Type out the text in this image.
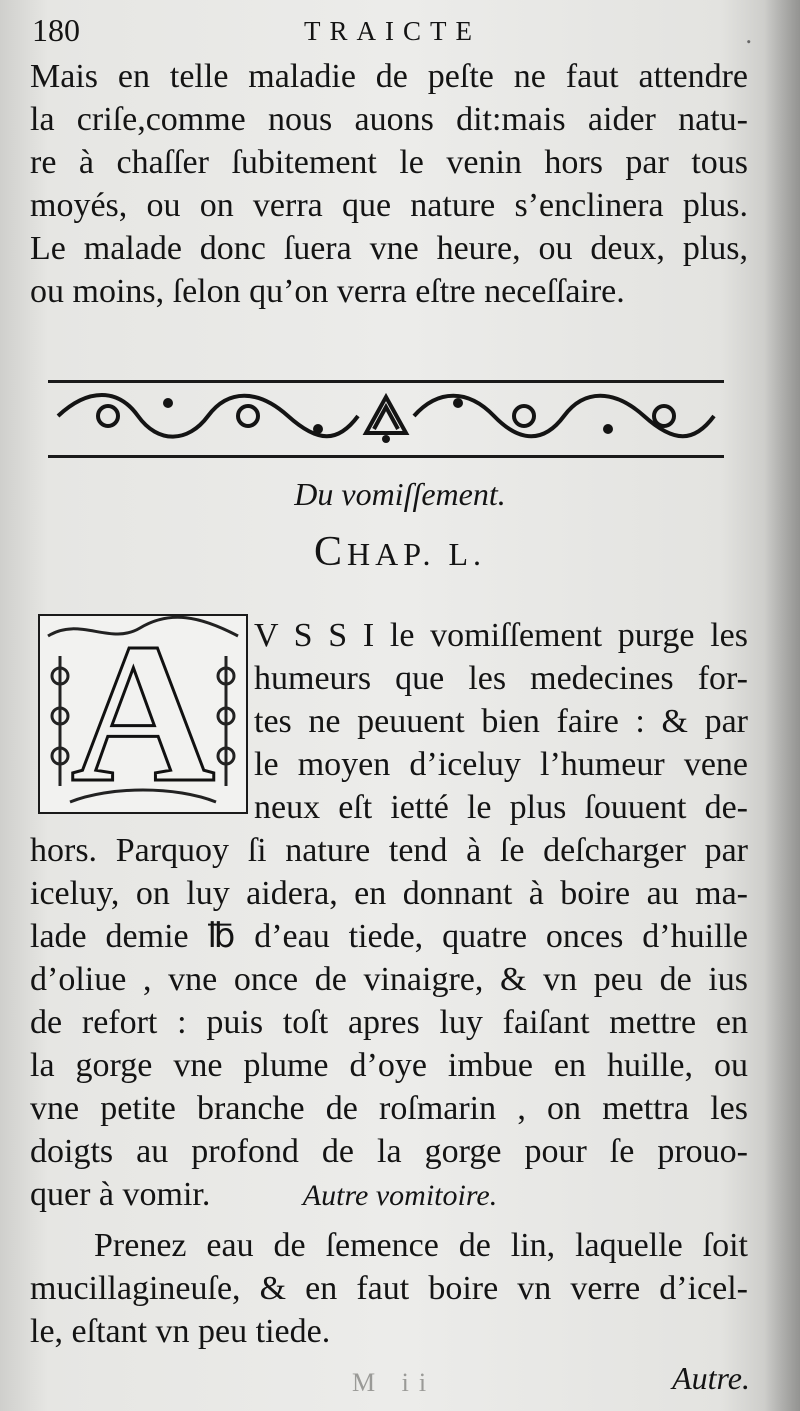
180	TRAICTE	.
Mais en telle maladie de peſte ne faut attendre
la criſe,comme nous auons dit:mais aider natu-
re à chaſſer ſubitement le venin hors par tous
moyés, ou on verra que nature s’enclinera plus.
Le malade donc ſuera vne heure, ou deux, plus,
ou moins, ſelon qu’on verra eſtre neceſſaire.
Du vomiſſement.
CHAP. L.
A	V S S I le vomiſſement purge les
humeurs que les medecines for-
tes ne peuuent bien faire : & par
le moyen d’iceluy l’humeur vene
neux eſt ietté le plus ſouuent de-
hors. Parquoy ſi nature tend à ſe deſcharger par
iceluy, on luy aidera, en donnant à boire au ma-
lade demie ℔ d’eau tiede, quatre onces d’huille
d’oliue , vne once de vinaigre, & vn peu de ius
de refort : puis toſt apres luy faiſant mettre en
la gorge vne plume d’oye imbue en huille, ou
vne petite branche de roſmarin , on mettra les
doigts au profond de la gorge pour ſe prouo-
quer à vomir.	Autre vomitoire.
Prenez eau de ſemence de lin, laquelle ſoit
mucillagineuſe, & en faut boire vn verre d’icel-
le, eſtant vn peu tiede.
M ii	Autre.
